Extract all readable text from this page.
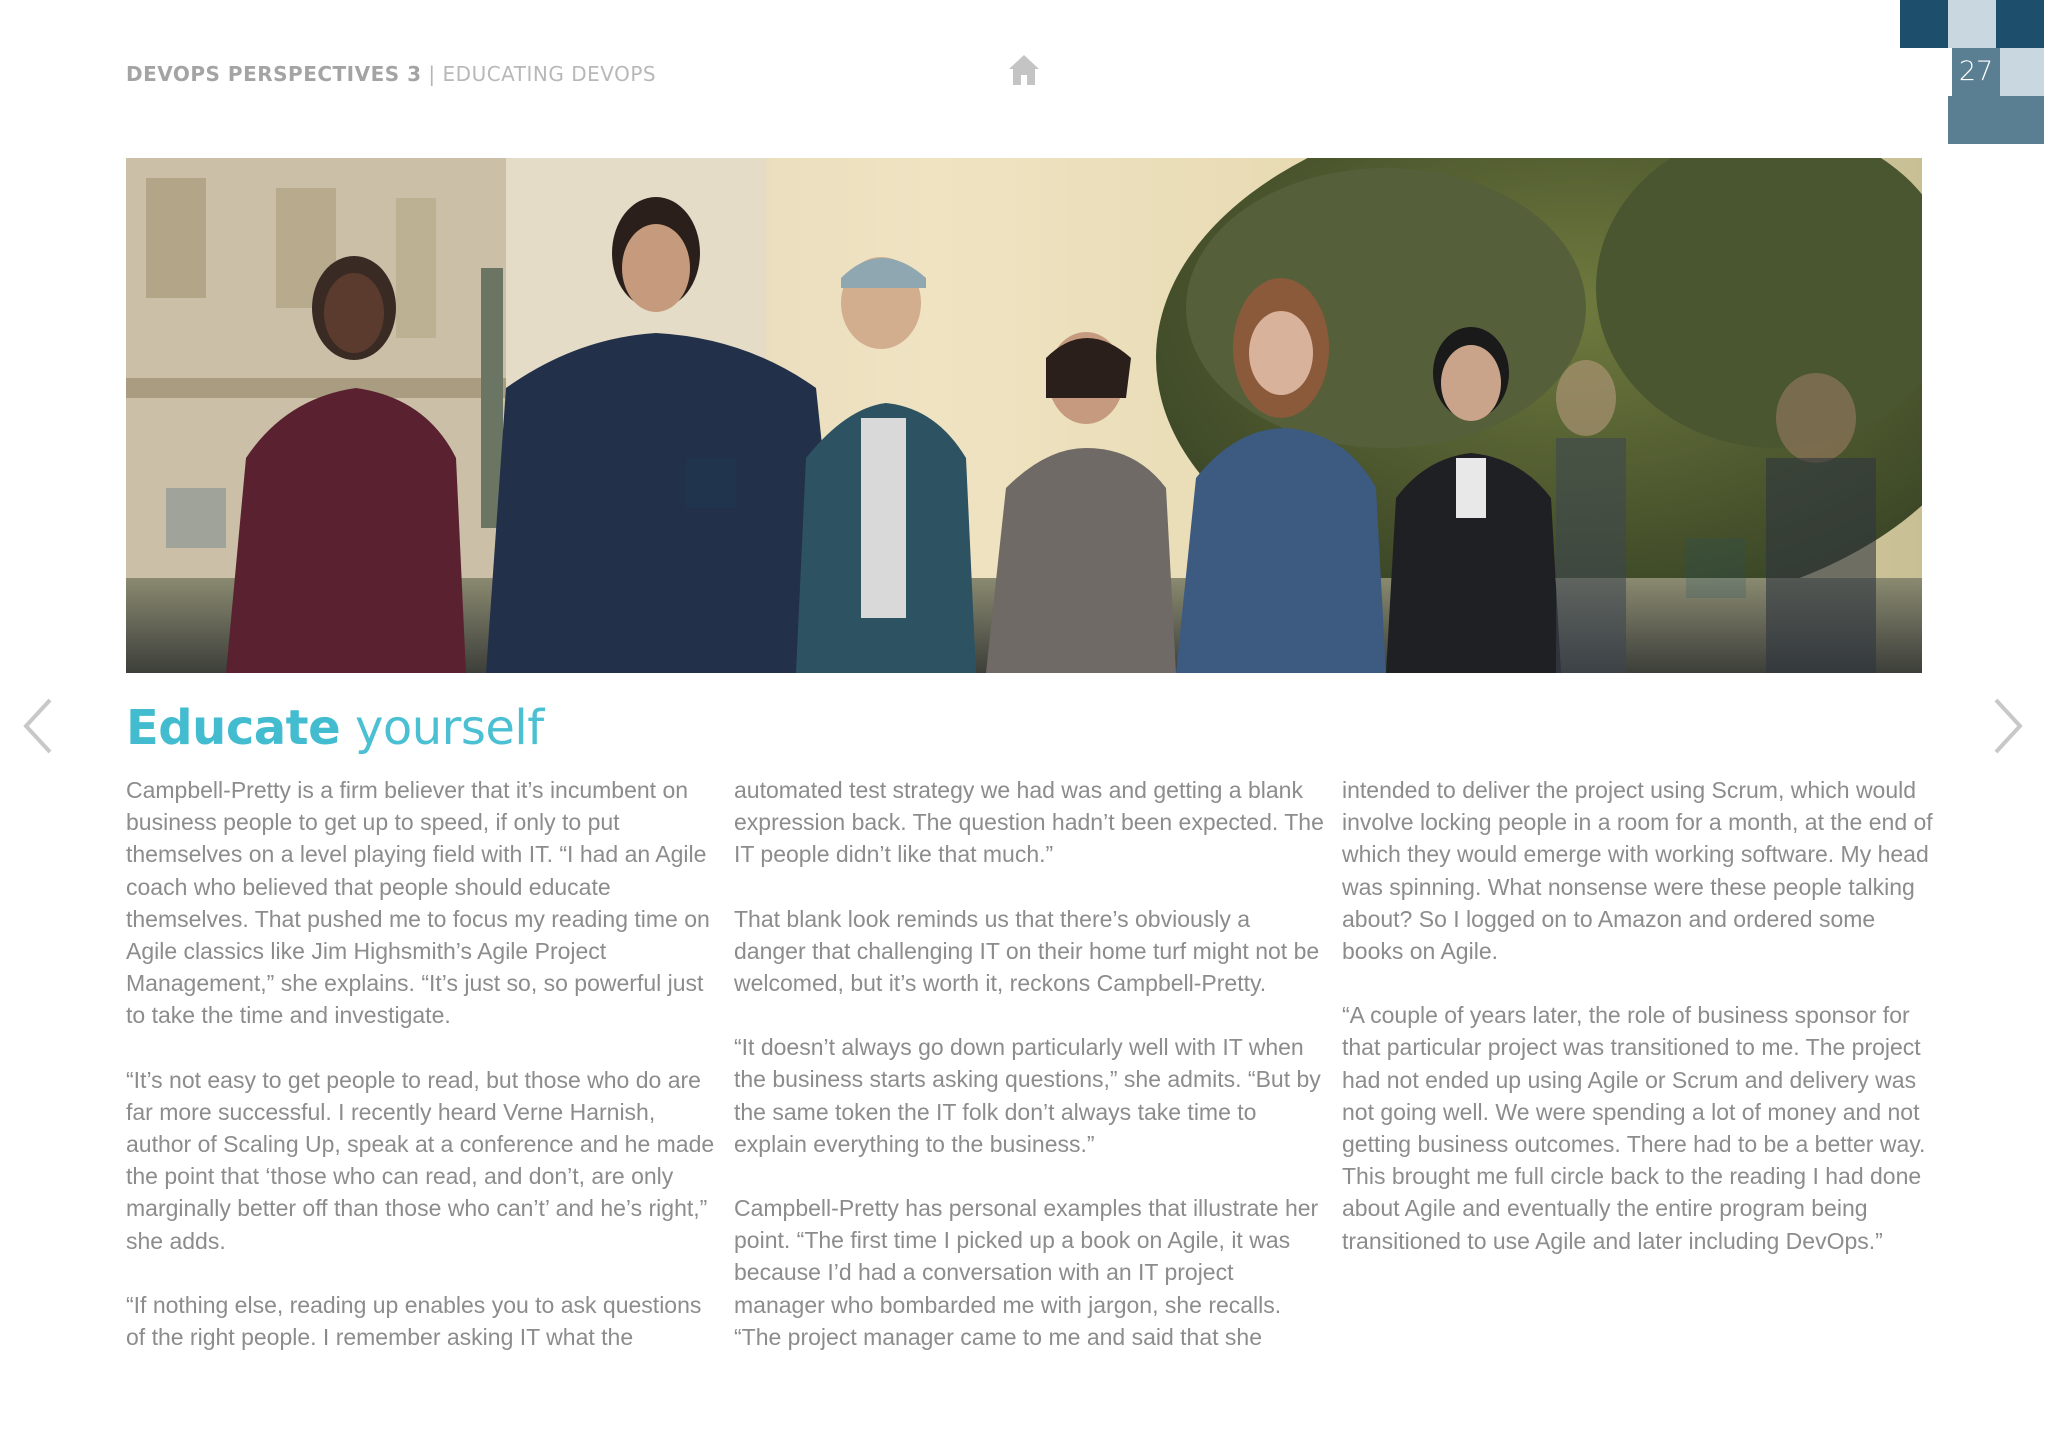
DEVOPS PERSPECTIVES 3 | EDUCATING DEVOPS	27
Educate yourself

Campbell-Pretty is a firm believer that it’s incumbent on business people to get up to speed, if only to put themselves on a level playing field with IT. “I had an Agile coach who believed that people should educate themselves. That pushed me to focus my reading time on Agile classics like Jim Highsmith’s Agile Project Management,” she explains. “It’s just so, so powerful just to take the time and investigate.

“It’s not easy to get people to read, but those who do are far more successful. I recently heard Verne Harnish, author of Scaling Up, speak at a conference and he made the point that ‘those who can read, and don’t, are only marginally better off than those who can’t’ and he’s right,” she adds.

“If nothing else, reading up enables you to ask questions of the right people. I remember asking IT what the

automated test strategy we had was and getting a blank expression back. The question hadn’t been expected. The IT people didn’t like that much.”

That blank look reminds us that there’s obviously a danger that challenging IT on their home turf might not be welcomed, but it’s worth it, reckons Campbell-Pretty.

“It doesn’t always go down particularly well with IT when the business starts asking questions,” she admits. “But by the same token the IT folk don’t always take time to explain everything to the business.”

Campbell-Pretty has personal examples that illustrate her point. “The first time I picked up a book on Agile, it was because I’d had a conversation with an IT project manager who bombarded me with jargon, she recalls. “The project manager came to me and said that she

intended to deliver the project using Scrum, which would involve locking people in a room for a month, at the end of which they would emerge with working software. My head was spinning. What nonsense were these people talking about? So I logged on to Amazon and ordered some books on Agile.

“A couple of years later, the role of business sponsor for that particular project was transitioned to me. The project had not ended up using Agile or Scrum and delivery was not going well. We were spending a lot of money and not getting business outcomes. There had to be a better way. This brought me full circle back to the reading I had done about Agile and eventually the entire program being transitioned to use Agile and later including DevOps.”
